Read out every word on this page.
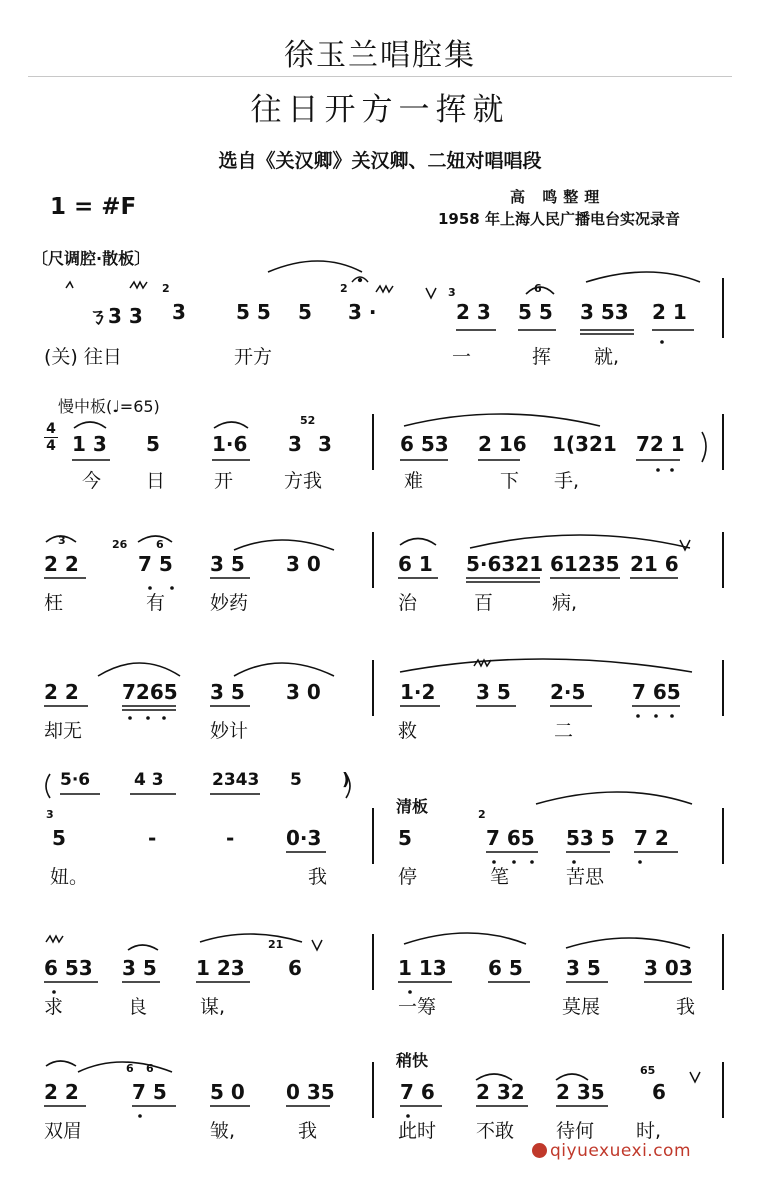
徐玉兰唱腔集
往日开方一挥就
选自《关汉卿》关汉卿、二妞对唱唱段
1 = #F	高 鸣整理
1958 年上海人民广播电台实况录音
〔尺调腔·散板〕
慢中板(♩=65)
4
4
清板
稍快
ㄋ3 3 3	5 5 5 3 ·	2 3 5 5 3 53 2 1
2	2	6
3
(关) 往日	开方	一	挥 就,
1 3 5	1·6 3 3	6 53 2 16 1(321 72 1
52
今 日	开	方我	难	下 手,
2 2	7 5 3 5 3 0	6 1 5·6321 61235 21 6
3	26	6
枉	有 妙药	治	百	病,
2 2 7265 3 5 3 0	1·2 3 5 2·5 7 65
却无	妙计	救	二
5·6	4 3	2343 5 )
5	-	-	0·3	5	7 65 53 5 7 2
3	2
妞。	我	停	笔	苦思
6 53 3 5 1 23 6	1 13 6 5 3 5 3 03
21
求	良	谋,	一筹	莫展	我
2 2	7 5 5 0 0 35	7 6 2 32 2 35 6
6 6	65
双眉	皱,	我	此时 不敢 待何 时,
qiyuexuexi.com
